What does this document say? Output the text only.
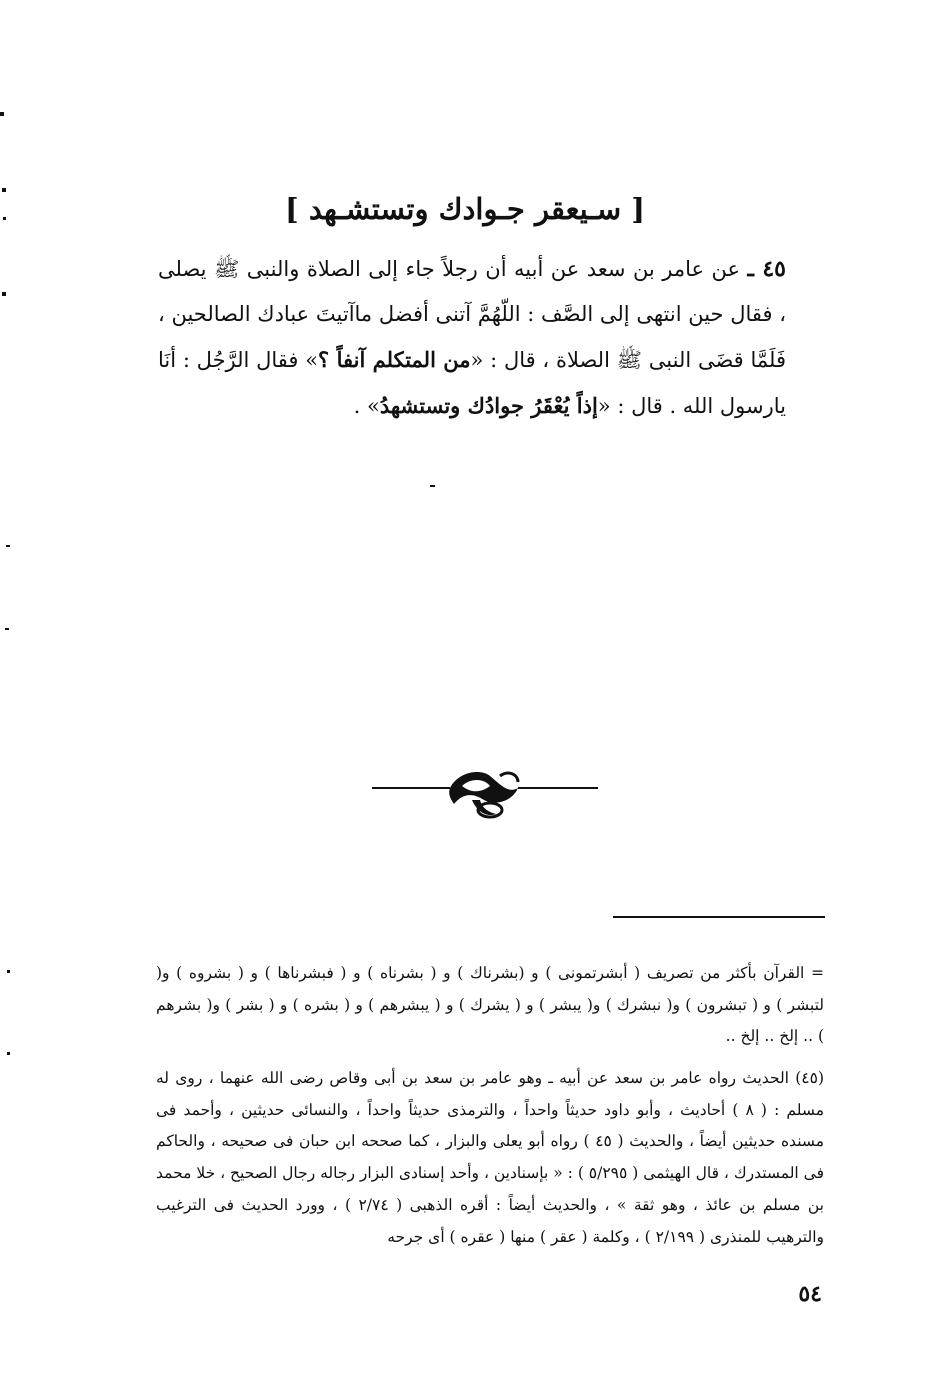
[ سـيعقر جـوادك وتستشـهد ]
٤٥ ـ عن عامر بن سعد عن أبيه أن رجلاً جاء إلى الصلاة والنبى ﷺ يصلى ، فقال حين انتهى إلى الصَّف : اللّهُمَّ آتنى أفضل ماآتيتَ عبادك الصالحين ، فَلَمَّا قضَى النبى ﷺ الصلاة ، قال : «من المتكلم آنفاً ؟» فقال الرَّجُل : أنَا يارسول الله . قال : «إذاً يُعْقَرُ جوادُك وتستشهدُ» .
= القرآن بأكثر من تصريف ( أبشرتمونى ) و (بشرناك ) و ( بشرناه ) و ( فبشرناها ) و ( بشروه ) و( لتبشر ) و ( تبشرون ) و( نبشرك ) و( يبشر ) و ( يشرك ) و ( يبشرهم ) و ( بشره ) و ( بشر ) و( بشرهم ) .. إلخ .. إلخ ..
(٤٥) الحديث رواه عامر بن سعد عن أبيه ـ وهو عامر بن سعد بن أبى وقاص رضى الله عنهما ، روى له مسلم : ( ٨ ) أحاديث ، وأبو داود حديثاً واحداً ، والترمذى حديثاً واحداً ، والنسائى حديثين ، وأحمد فى مسنده حديثين أيضاً ، والحديث ( ٤٥ ) رواه أبو يعلى والبزار ، كما صححه ابن حبان فى صحيحه ، والحاكم فى المستدرك ، قال الهيثمى ( ٥/٢٩٥ ) : « بإسنادين ، وأحد إسنادى البزار رجاله رجال الصحيح ، خلا محمد بن مسلم بن عائذ ، وهو ثقة » ، والحديث أيضاً : أقره الذهبى ( ٢/٧٤ ) ، وورد الحديث فى الترغيب والترهيب للمنذرى ( ٢/١٩٩ ) ، وكلمة ( عقر ) منها ( عقره ) أى جرحه
٥٤
